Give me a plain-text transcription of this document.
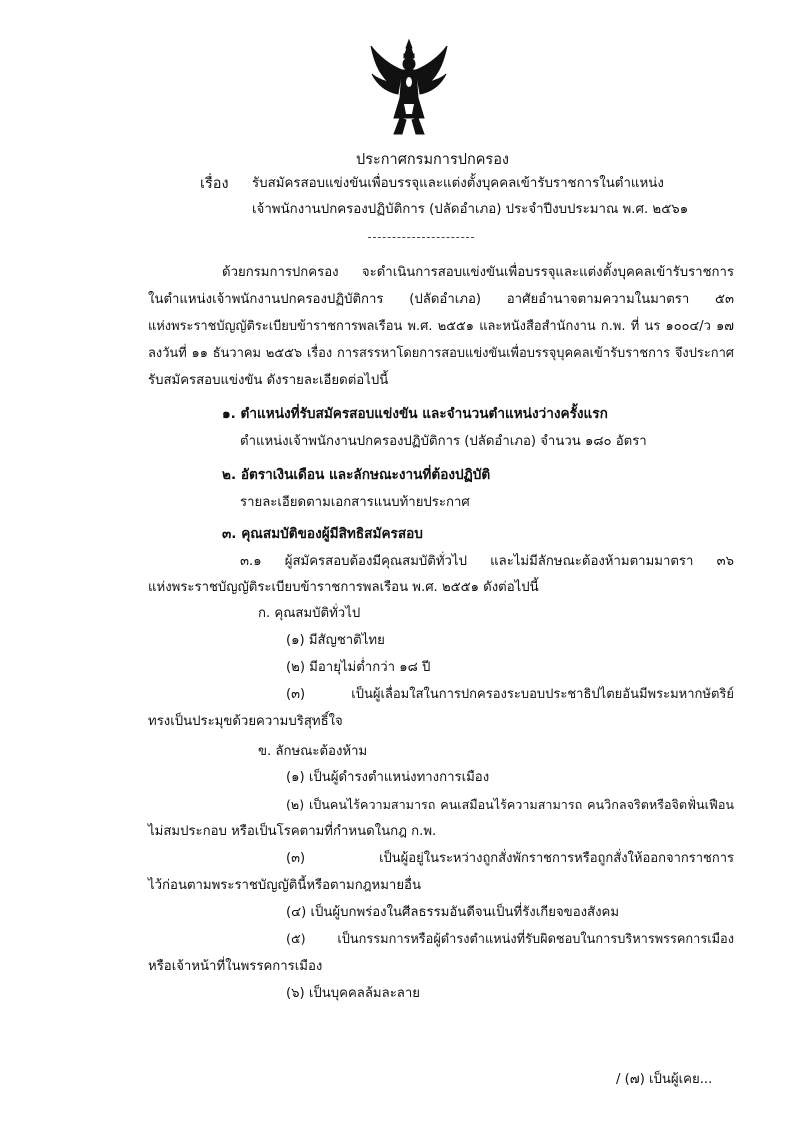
ประกาศกรมการปกครอง
เรื่อง รับสมัครสอบแข่งขันเพื่อบรรจุและแต่งตั้งบุคคลเข้ารับราชการในตำแหน่ง
เจ้าพนักงานปกครองปฏิบัติการ (ปลัดอำเภอ) ประจำปีงบประมาณ พ.ศ. ๒๕๖๑
ด้วยกรมการปกครอง จะดำเนินการสอบแข่งขันเพื่อบรรจุและแต่งตั้งบุคคลเข้ารับราชการ
ในตำแหน่งเจ้าพนักงานปกครองปฏิบัติการ (ปลัดอำเภอ) อาศัยอำนาจตามความในมาตรา ๕๓
แห่งพระราชบัญญัติระเบียบข้าราชการพลเรือน พ.ศ. ๒๕๕๑ และหนังสือสำนักงาน ก.พ. ที่ นร ๑๐๐๔/ว ๑๗
ลงวันที่ ๑๑ ธันวาคม ๒๕๕๖ เรื่อง การสรรหาโดยการสอบแข่งขันเพื่อบรรจุบุคคลเข้ารับราชการ จึงประกาศ
รับสมัครสอบแข่งขัน ดังรายละเอียดต่อไปนี้
๑. ตำแหน่งที่รับสมัครสอบแข่งขัน และจำนวนตำแหน่งว่างครั้งแรก
ตำแหน่งเจ้าพนักงานปกครองปฏิบัติการ (ปลัดอำเภอ) จำนวน ๑๘๐ อัตรา
๒. อัตราเงินเดือน และลักษณะงานที่ต้องปฏิบัติ
รายละเอียดตามเอกสารแนบท้ายประกาศ
๓. คุณสมบัติของผู้มีสิทธิสมัครสอบ
๓.๑ ผู้สมัครสอบต้องมีคุณสมบัติทั่วไป และไม่มีลักษณะต้องห้ามตามมาตรา ๓๖
แห่งพระราชบัญญัติระเบียบข้าราชการพลเรือน พ.ศ. ๒๕๕๑ ดังต่อไปนี้
ก. คุณสมบัติทั่วไป
(๑) มีสัญชาติไทย
(๒) มีอายุไม่ต่ำกว่า ๑๘ ปี
(๓) เป็นผู้เลื่อมใสในการปกครองระบอบประชาธิปไตยอันมีพระมหากษัตริย์
ทรงเป็นประมุขด้วยความบริสุทธิ์ใจ
ข. ลักษณะต้องห้าม
(๑) เป็นผู้ดำรงตำแหน่งทางการเมือง
(๒) เป็นคนไร้ความสามารถ คนเสมือนไร้ความสามารถ คนวิกลจริตหรือจิตฟั่นเฟือน
ไม่สมประกอบ หรือเป็นโรคตามที่กำหนดในกฎ ก.พ.
(๓) เป็นผู้อยู่ในระหว่างถูกสั่งพักราชการหรือถูกสั่งให้ออกจากราชการ
ไว้ก่อนตามพระราชบัญญัตินี้หรือตามกฎหมายอื่น
(๔) เป็นผู้บกพร่องในศีลธรรมอันดีจนเป็นที่รังเกียจของสังคม
(๕) เป็นกรรมการหรือผู้ดำรงตำแหน่งที่รับผิดชอบในการบริหารพรรคการเมือง
หรือเจ้าหน้าที่ในพรรคการเมือง
(๖) เป็นบุคคลล้มละลาย
/ (๗) เป็นผู้เคย...
